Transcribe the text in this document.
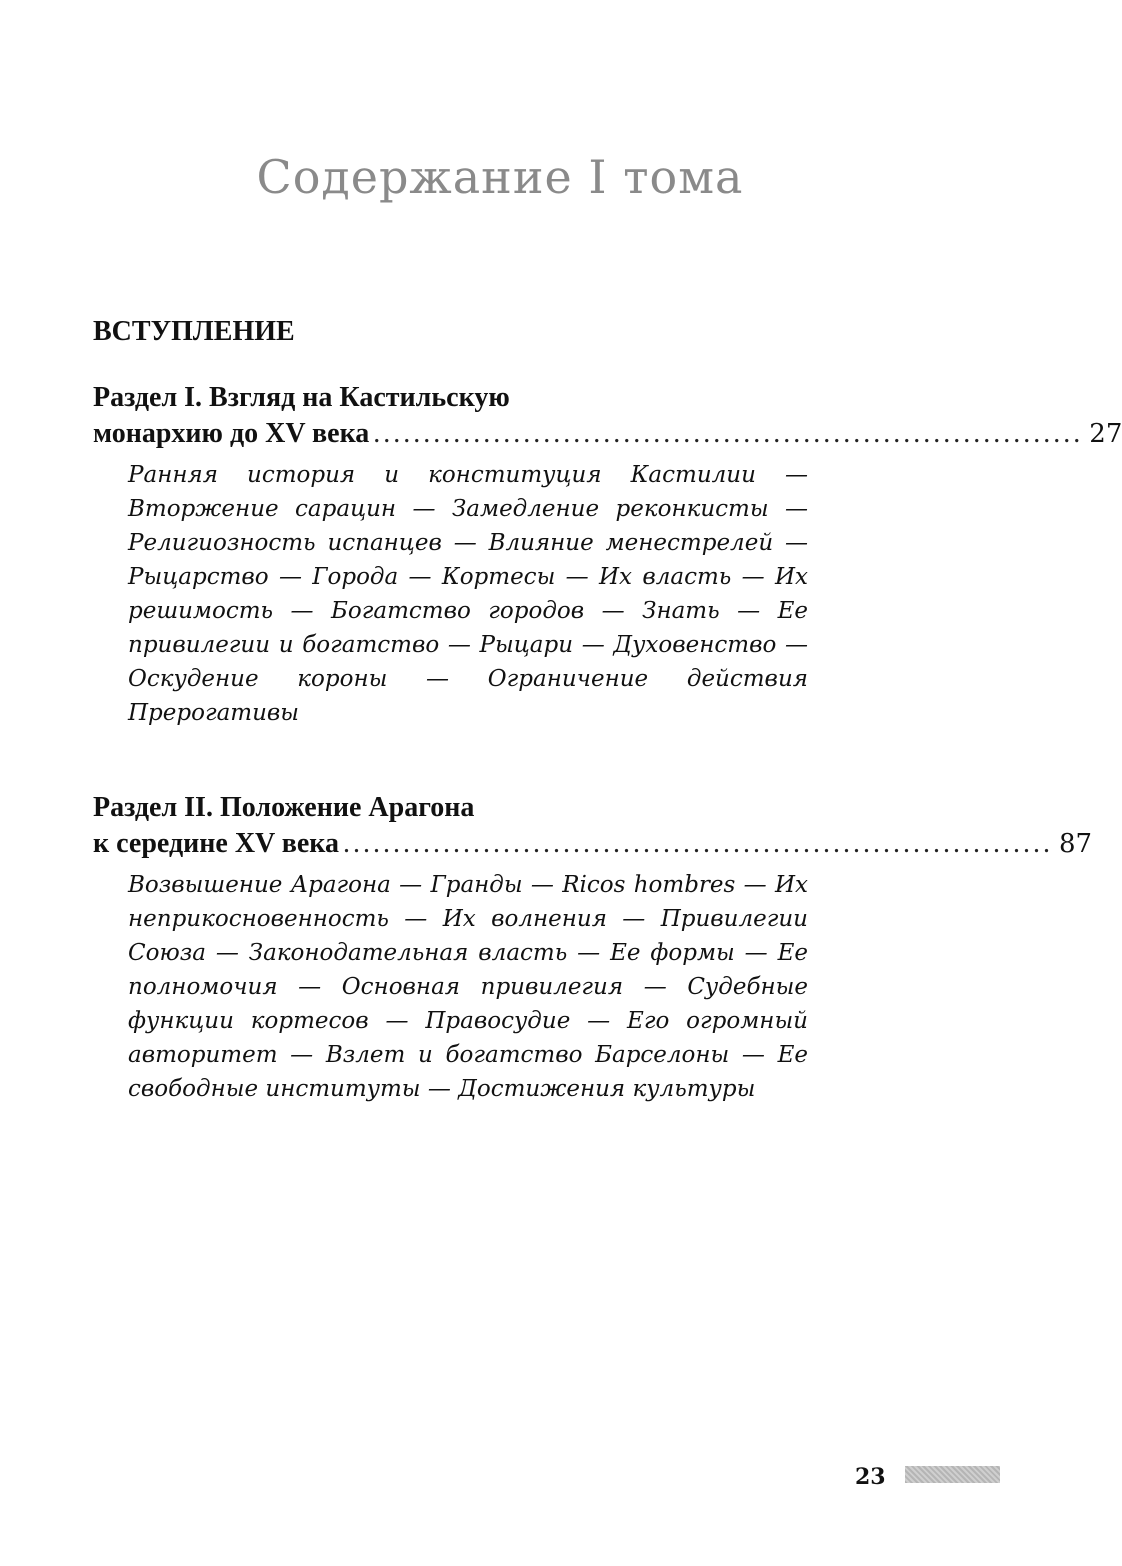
Содержание I тома
ВСТУПЛЕНИЕ
Раздел I. Взгляд на Кастильскую
монархию до XV века ....................................................................... 27
Ранняя история и конституция Кастилии — Вторжение сарацин — Замедление реконкисты — Религиозность испанцев — Влияние менестрелей — Рыцарство — Города — Кортесы — Их власть — Их решимость — Богатство городов — Знать — Ее привилегии и богатство — Рыцари — Духовенство — Оскудение короны — Ограничение действия Прерогативы
Раздел II. Положение Арагона
к середине XV века ....................................................................... 87
Возвышение Арагона — Гранды — Ricos hombres — Их неприкосновенность — Их волнения — Привилегии Союза — Законодательная власть — Ее формы — Ее полномочия — Основная привилегия — Судебные функции кортесов — Правосудие — Его огромный авторитет — Взлет и богатство Барселоны — Ее свободные институты — Достижения культуры
23
